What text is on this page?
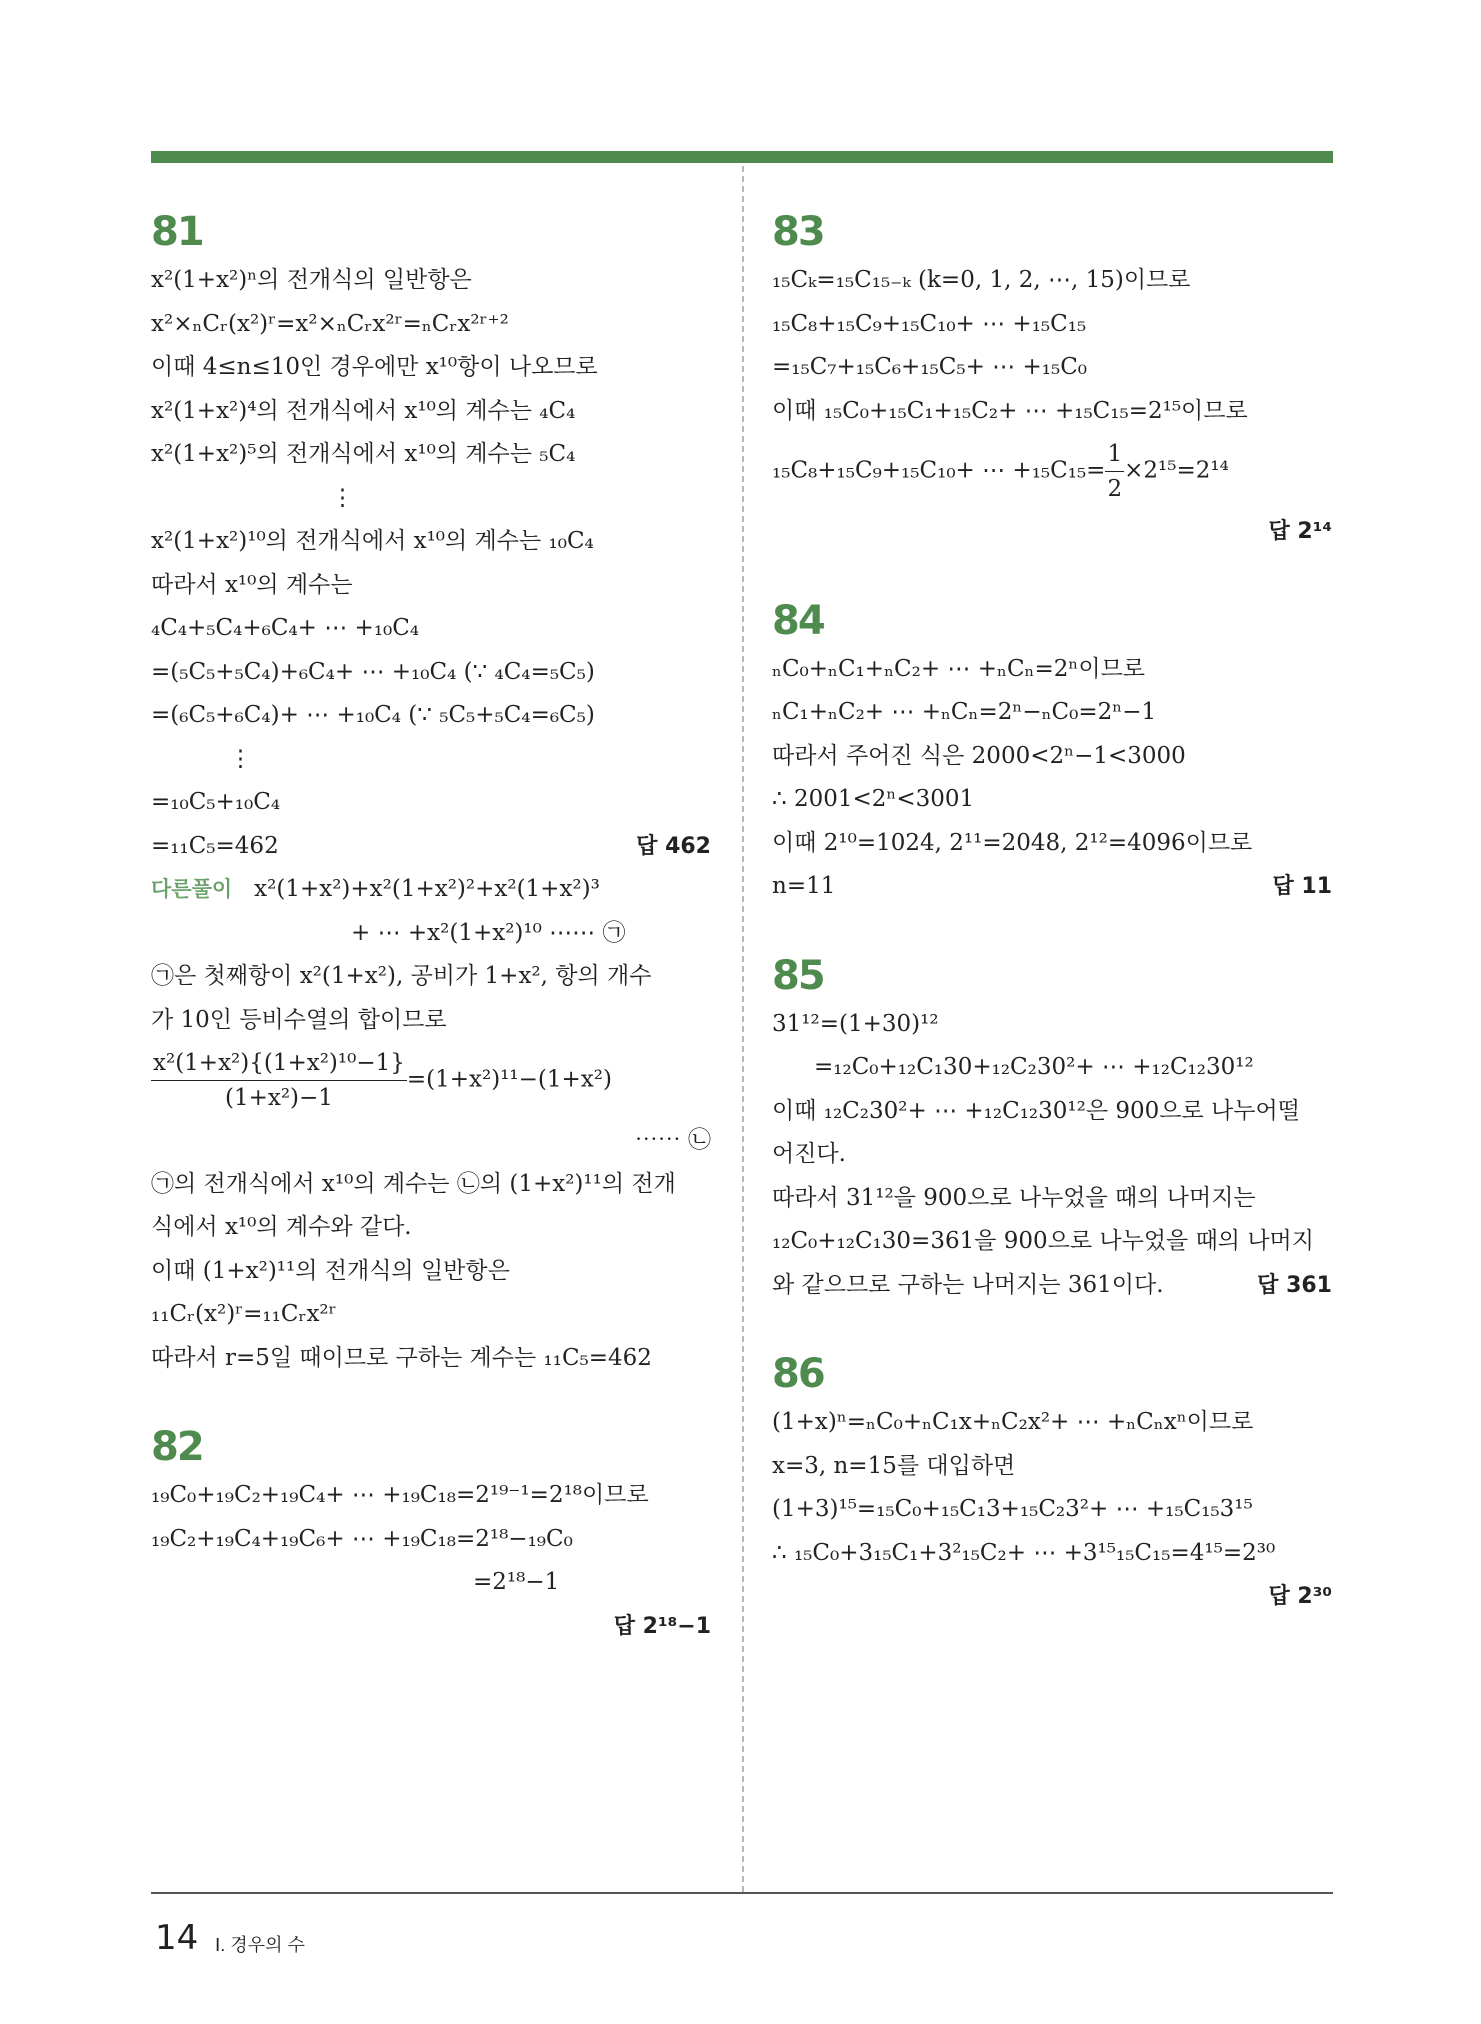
81
x²(1+x²)ⁿ의 전개식의 일반항은
x²×ₙCᵣ(x²)ʳ=x²×ₙCᵣx²ʳ=ₙCᵣx²ʳ⁺²
이때 4≤n≤10인 경우에만 x¹⁰항이 나오므로
x²(1+x²)⁴의 전개식에서 x¹⁰의 계수는 ₄C₄
x²(1+x²)⁵의 전개식에서 x¹⁰의 계수는 ₅C₄
⋮
x²(1+x²)¹⁰의 전개식에서 x¹⁰의 계수는 ₁₀C₄
따라서 x¹⁰의 계수는
₄C₄+₅C₄+₆C₄+ ⋯ +₁₀C₄
=(₅C₅+₅C₄)+₆C₄+ ⋯ +₁₀C₄ (∵ ₄C₄=₅C₅)
=(₆C₅+₆C₄)+ ⋯ +₁₀C₄ (∵ ₅C₅+₅C₄=₆C₅)
⋮
=₁₀C₅+₁₀C₄
=₁₁C₅=462	답 462
다른풀이 x²(1+x²)+x²(1+x²)²+x²(1+x²)³
+ ⋯ +x²(1+x²)¹⁰ ⋯⋯ ㉠
㉠은 첫째항이 x²(1+x²), 공비가 1+x², 항의 개수
가 10인 등비수열의 합이므로
$\frac{\text{x²(1+x²)\{(1+x²)¹⁰−1\}}}{\text{(1+x²)−1}} =(1+x^2)^{11}-(1+x^2)$
⋯⋯ ㉡
㉠의 전개식에서 x¹⁰의 계수는 ㉡의 (1+x²)¹¹의 전개
식에서 x¹⁰의 계수와 같다.
이때 (1+x²)¹¹의 전개식의 일반항은
₁₁Cᵣ(x²)ʳ=₁₁Cᵣx²ʳ
따라서 r=5일 때이므로 구하는 계수는 ₁₁C₅=462
82
₁₉C₀+₁₉C₂+₁₉C₄+ ⋯ +₁₉C₁₈=2¹⁹⁻¹=2¹⁸이므로
₁₉C₂+₁₉C₄+₁₉C₆+ ⋯ +₁₉C₁₈=2¹⁸−₁₉C₀
=2¹⁸−1
답 2¹⁸−1
83
₁₅Cₖ=₁₅C₁₅₋ₖ (k=0, 1, 2, ⋯, 15)이므로
₁₅C₈+₁₅C₉+₁₅C₁₀+ ⋯ +₁₅C₁₅
=₁₅C₇+₁₅C₆+₁₅C₅+ ⋯ +₁₅C₀
이때 ₁₅C₀+₁₅C₁+₁₅C₂+ ⋯ +₁₅C₁₅=2¹⁵이므로
₁₅C₈+₁₅C₉+₁₅C₁₀+ ⋯ $+_{15}C_{15}= \frac{1}{2} \times 2^{15}=2^{14}$
답 2¹⁴
84
ₙC₀+ₙC₁+ₙC₂+ ⋯ +ₙCₙ=2ⁿ이므로
ₙC₁+ₙC₂+ ⋯ +ₙCₙ=2ⁿ−ₙC₀=2ⁿ−1
따라서 주어진 식은 2000<2ⁿ−1<3000
∴ 2001<2ⁿ<3001
이때 2¹⁰=1024, 2¹¹=2048, 2¹²=4096이므로
n=11	답 11
85
31¹²=(1+30)¹²
=₁₂C₀+₁₂C₁30+₁₂C₂30²+ ⋯ +₁₂C₁₂30¹²
이때 ₁₂C₂30²+ ⋯ +₁₂C₁₂30¹²은 900으로 나누어떨
어진다.
따라서 31¹²을 900으로 나누었을 때의 나머지는
₁₂C₀+₁₂C₁30=361을 900으로 나누었을 때의 나머지
와 같으므로 구하는 나머지는 361이다.	답 361
86
(1+x)ⁿ=ₙC₀+ₙC₁x+ₙC₂x²+ ⋯ +ₙCₙxⁿ이므로
x=3, n=15를 대입하면
(1+3)¹⁵=₁₅C₀+₁₅C₁3+₁₅C₂3²+ ⋯ +₁₅C₁₅3¹⁵
∴ ₁₅C₀+3₁₅C₁+3²₁₅C₂+ ⋯ +3¹⁵₁₅C₁₅=4¹⁵=2³⁰
답 2³⁰
14 Ⅰ. 경우의 수
